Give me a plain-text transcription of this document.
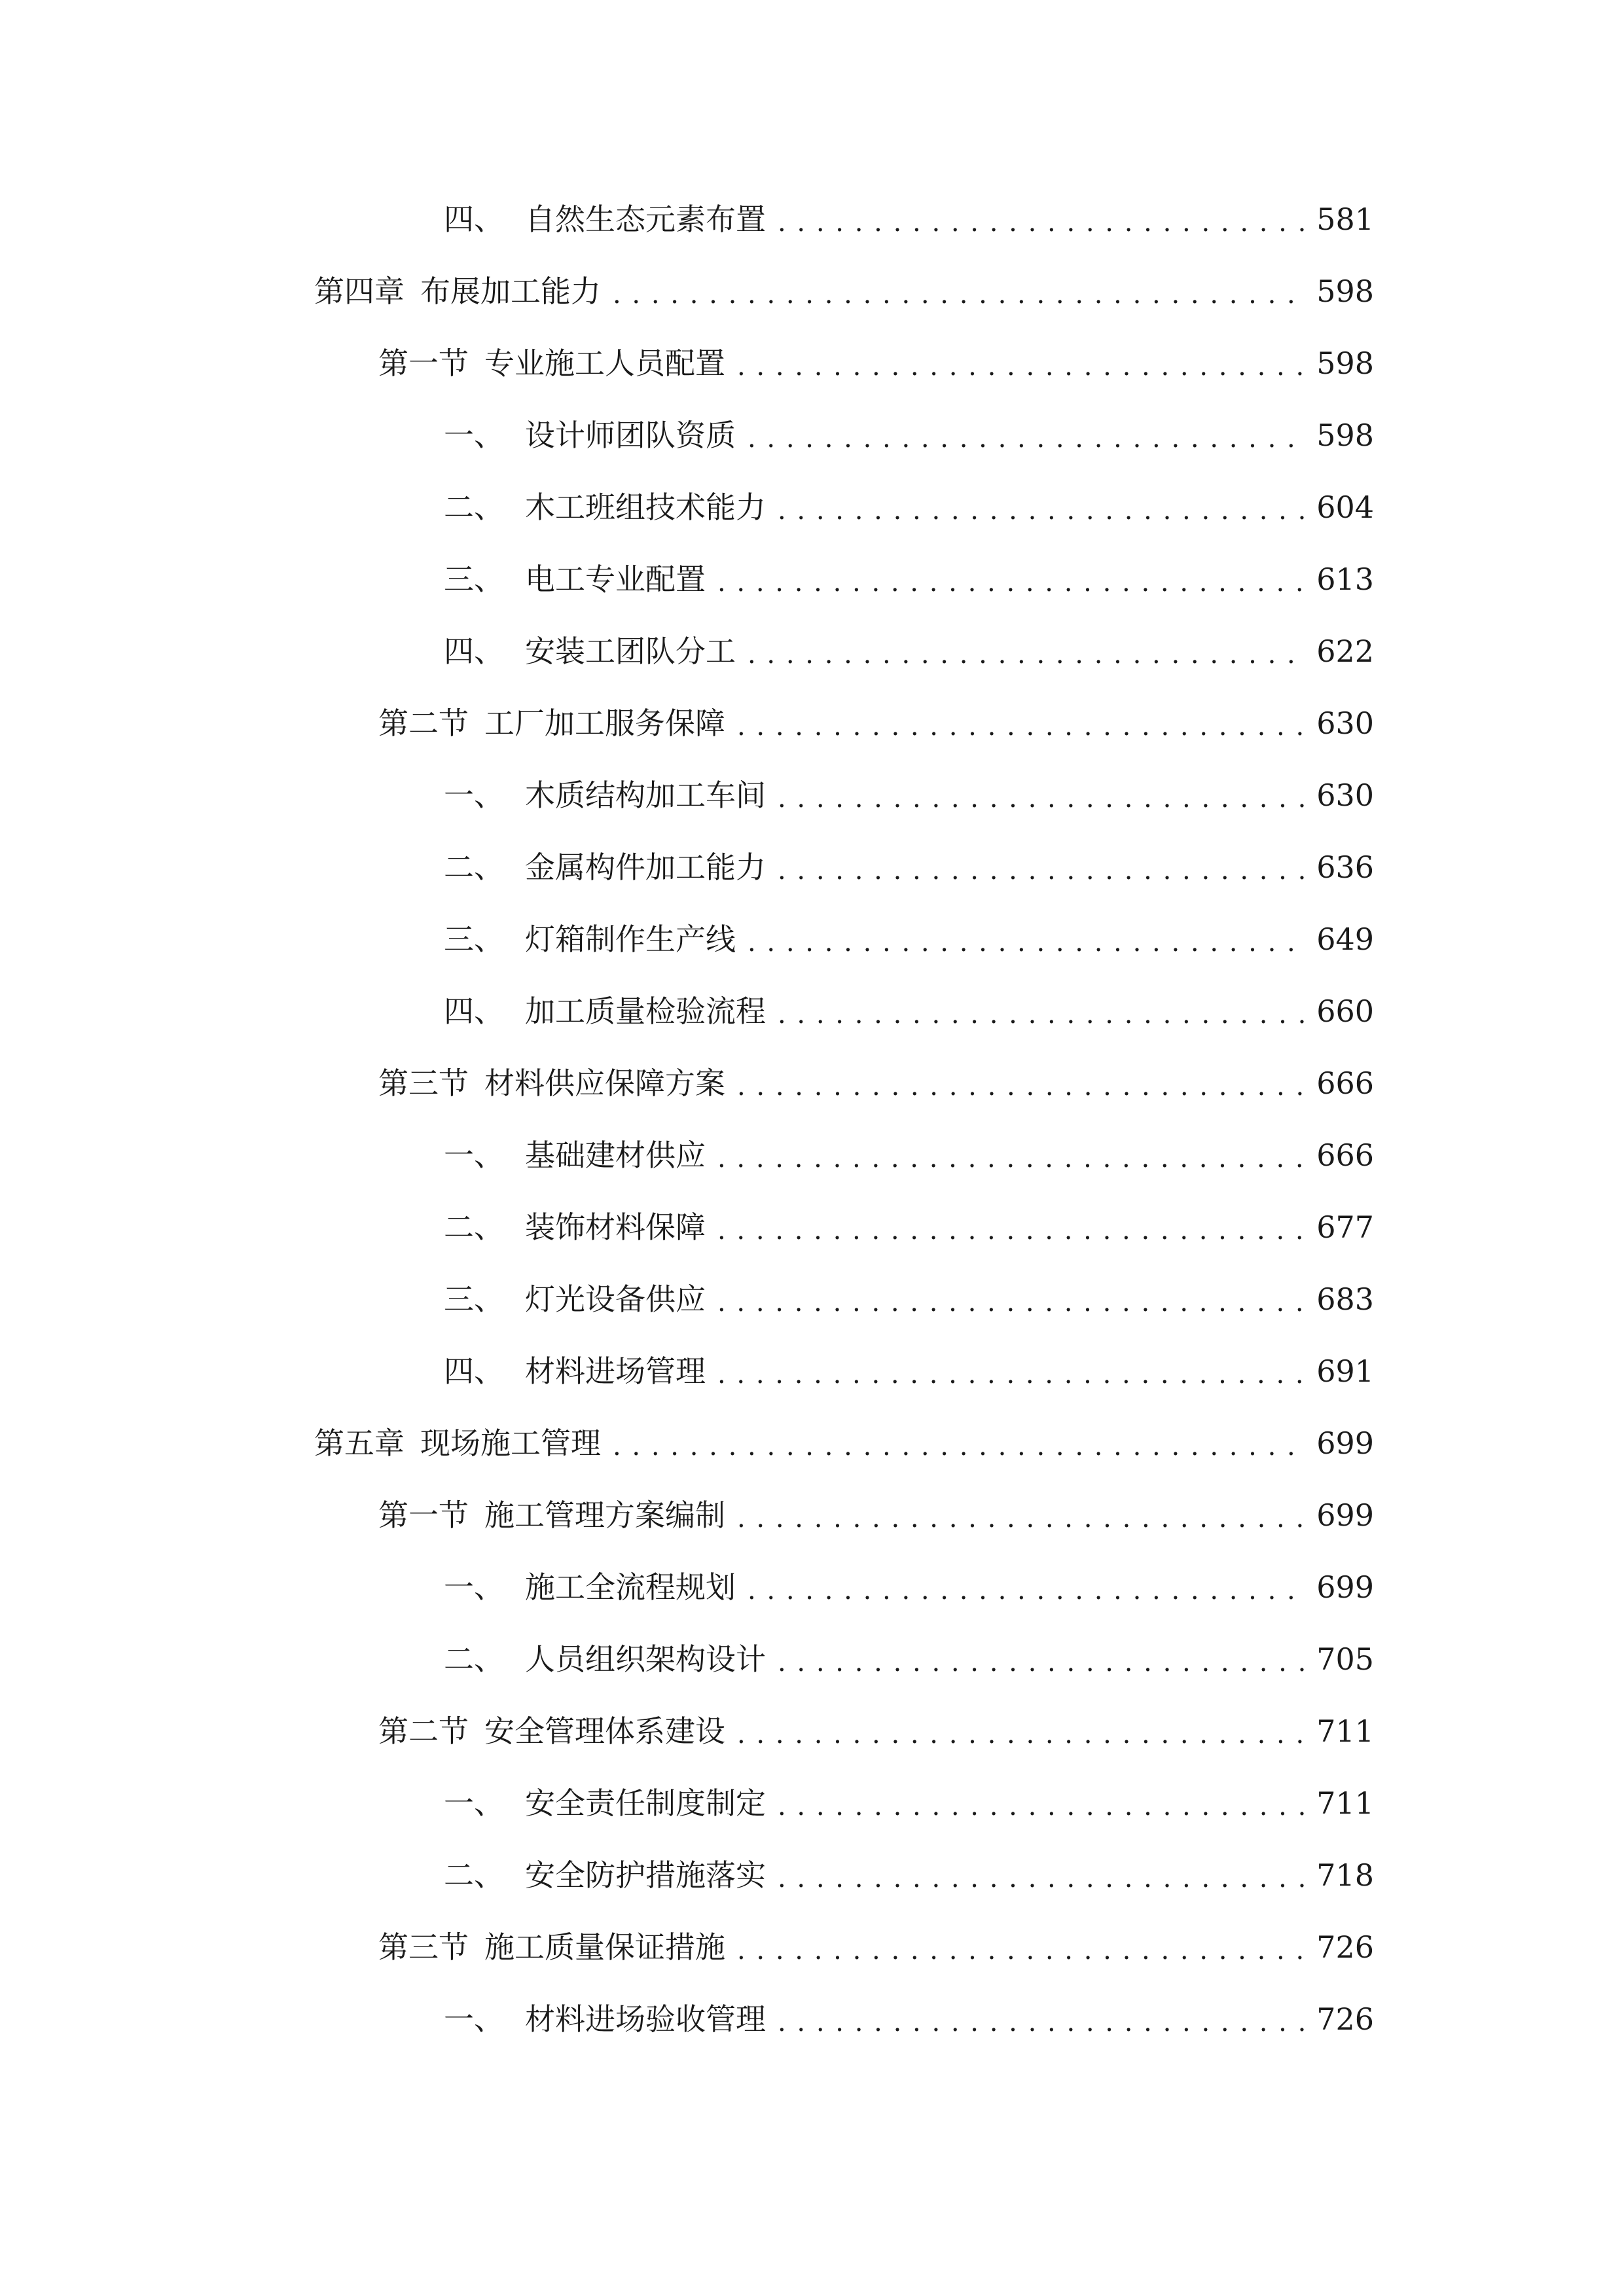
四、 自然生态元素布置 . . .	581
第四章 布展加工能力 . . .	598
第一节 专业施工人员配置 . . .	598
一、 设计师团队资质 . . .	598
二、 木工班组技术能力 . . .	604
三、 电工专业配置 . . .	613
四、 安装工团队分工 . . .	622
第二节 工厂加工服务保障 . . .	630
一、 木质结构加工车间 . . .	630
二、 金属构件加工能力 . . .	636
三、 灯箱制作生产线 . . .	649
四、 加工质量检验流程 . . .	660
第三节 材料供应保障方案 . . .	666
一、 基础建材供应 . . .	666
二、 装饰材料保障 . . .	677
三、 灯光设备供应 . . .	683
四、 材料进场管理 . . .	691
第五章 现场施工管理 . . .	699
第一节 施工管理方案编制 . . .	699
一、 施工全流程规划 . . .	699
二、 人员组织架构设计 . . .	705
第二节 安全管理体系建设 . . .	711
一、 安全责任制度制定 . . .	711
二、 安全防护措施落实 . . .	718
第三节 施工质量保证措施 . . .	726
一、 材料进场验收管理 . . .	726
